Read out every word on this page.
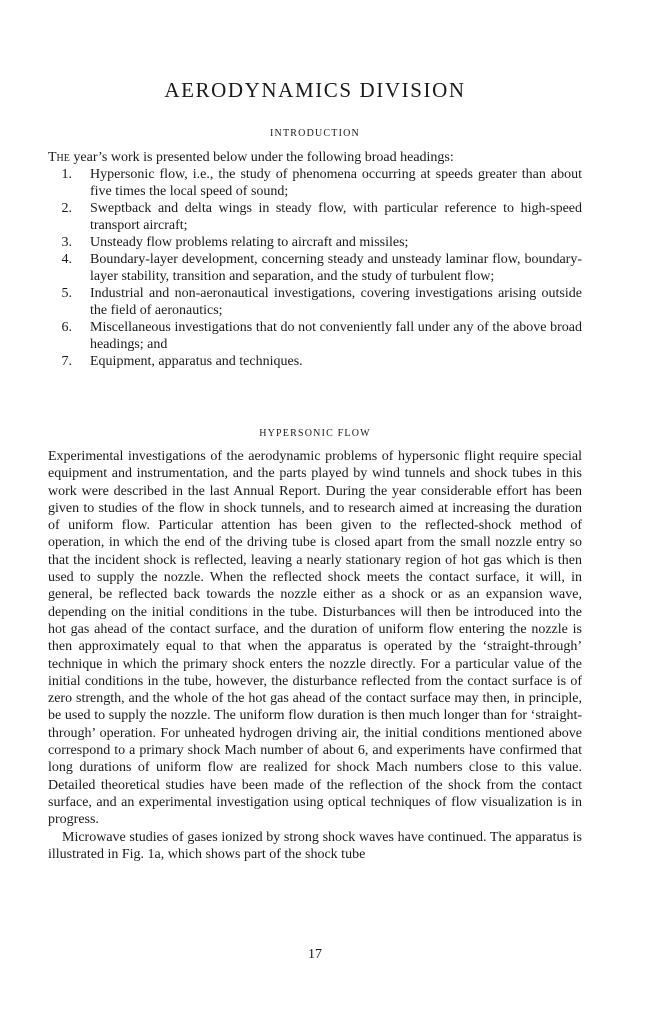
AERODYNAMICS DIVISION
INTRODUCTION

The year’s work is presented below under the following broad headings:

1. Hypersonic flow, i.e., the study of phenomena occurring at speeds greater than about five times the local speed of sound;
2. Sweptback and delta wings in steady flow, with particular reference to high-speed transport aircraft;
3. Unsteady flow problems relating to aircraft and missiles;
4. Boundary-layer development, concerning steady and unsteady laminar flow, boundary-layer stability, transition and separation, and the study of turbulent flow;
5. Industrial and non-aeronautical investigations, covering investigations arising outside the field of aeronautics;
6. Miscellaneous investigations that do not conveniently fall under any of the above broad headings; and
7. Equipment, apparatus and techniques.
HYPERSONIC FLOW

Experimental investigations of the aerodynamic problems of hypersonic flight require special equipment and instrumentation, and the parts played by wind tunnels and shock tubes in this work were described in the last Annual Report. During the year considerable effort has been given to studies of the flow in shock tunnels, and to research aimed at increasing the duration of uniform flow. Particular attention has been given to the reflected-shock method of operation, in which the end of the driving tube is closed apart from the small nozzle entry so that the incident shock is reflected, leaving a nearly stationary region of hot gas which is then used to supply the nozzle. When the reflected shock meets the contact surface, it will, in general, be reflected back towards the nozzle either as a shock or as an expansion wave, depending on the initial conditions in the tube. Disturbances will then be introduced into the hot gas ahead of the contact surface, and the duration of uniform flow entering the nozzle is then approximately equal to that when the apparatus is operated by the ‘straight-through’ technique in which the primary shock enters the nozzle directly. For a particular value of the initial conditions in the tube, however, the disturbance reflected from the contact surface is of zero strength, and the whole of the hot gas ahead of the contact surface may then, in principle, be used to supply the nozzle. The uniform flow duration is then much longer than for ‘straight-through’ operation. For unheated hydrogen driving air, the initial conditions mentioned above correspond to a primary shock Mach number of about 6, and experiments have confirmed that long durations of uniform flow are realized for shock Mach numbers close to this value. Detailed theoretical studies have been made of the reflection of the shock from the contact surface, and an experimental investigation using optical techniques of flow visualization is in progress.

Microwave studies of gases ionized by strong shock waves have continued. The apparatus is illustrated in Fig. 1a, which shows part of the shock tube

17
